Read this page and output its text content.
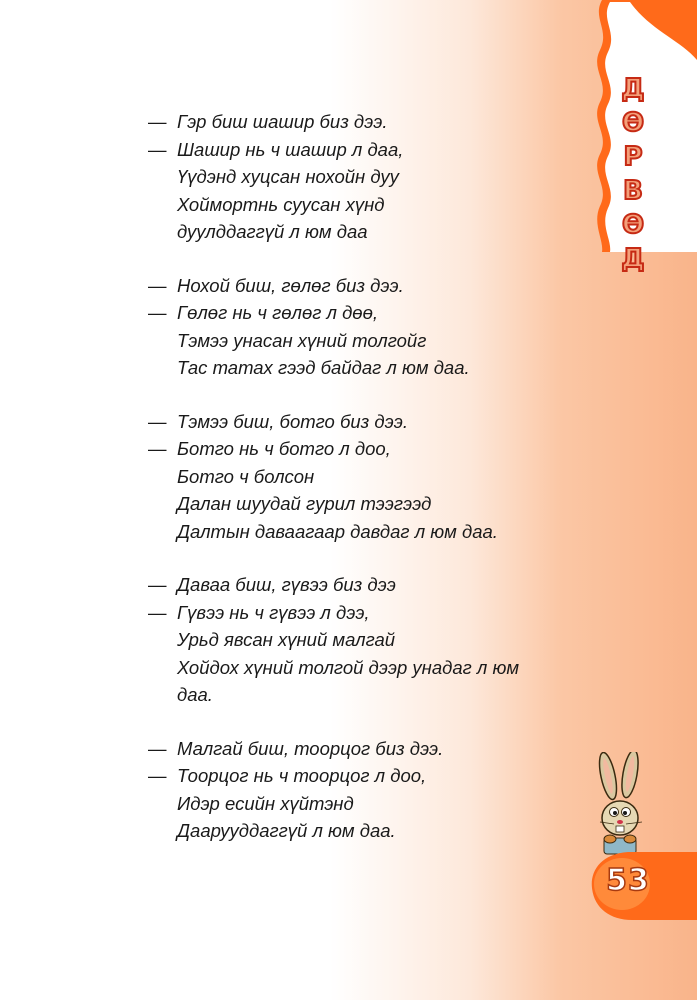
Д
Ө
Р
В
Ө
Д
— Гэр биш шашир биз дээ.
— Шашир нь ч шашир л даа,
Үүдэнд хуцсан нохойн дуу
Хоймортнь суусан хүнд
дуулддаггүй л юм даа
— Нохой биш, гөлөг биз дээ.
— Гөлөг нь ч гөлөг л дөө,
Тэмээ унасан хүний толгойг
Тас татах гээд байдаг л юм даа.
— Тэмээ биш, ботго биз дээ.
— Ботго нь ч ботго л доо,
Ботго ч болсон
Далан шуудай гурил тээгээд
Далтын даваагаар давдаг л юм даа.
— Даваа биш, гүвээ биз дээ
— Гүвээ нь ч гүвээ л дээ,
Урьд явсан хүний малгай
Хойдох хүний толгой дээр унадаг л юм
даа.
— Малгай биш, тоорцог биз дээ.
— Тоорцог нь ч тоорцог л доо,
Идэр есийн хүйтэнд
Даарууддаггүй л юм даа.
53
